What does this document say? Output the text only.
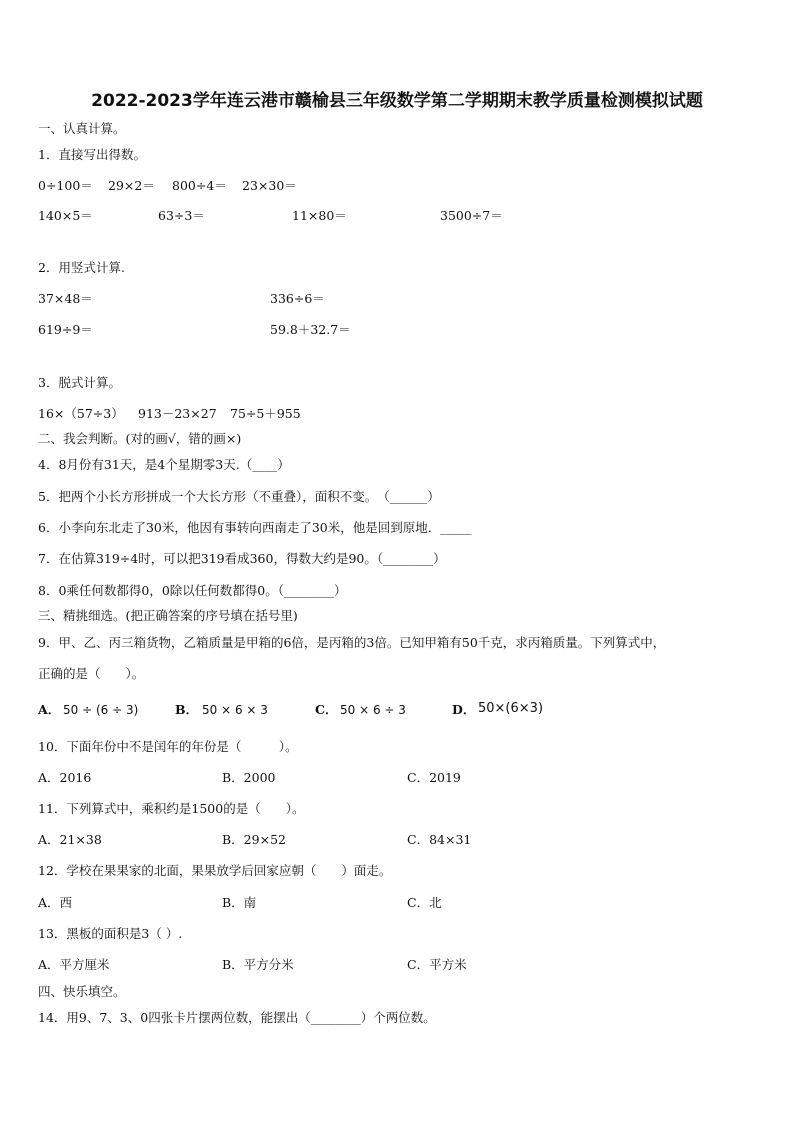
2022-2023学年连云港市赣榆县三年级数学第二学期期末教学质量检测模拟试题
一、认真计算。
1．直接写出得数。
0÷100＝ 29×2＝ 800÷4＝ 23×30＝
140×5＝	63÷3＝	11×80＝	3500÷7＝
2．用竖式计算.
37×48＝	336÷6＝
619÷9＝	59.8＋32.7＝
3．脱式计算。
16×（57÷3） 913－23×27 75÷5＋955
二、我会判断。(对的画√，错的画×)
4．8月份有31天，是4个星期零3天.（____）
5．把两个小长方形拼成一个大长方形（不重叠），面积不变。　（______）
6．小李向东北走了30米，他因有事转向西南走了30米，他是回到原地．_____
7．在估算319÷4时，可以把319看成360，得数大约是90。（________）
8．0乘任何数都得0，0除以任何数都得0。（________）
三、精挑细选。(把正确答案的序号填在括号里)
9．甲、乙、丙三箱货物，乙箱质量是甲箱的6倍，是丙箱的3倍。已知甲箱有50千克，求丙箱质量。下列算式中，
正确的是（　　）。
A． 50 ÷ (6 ÷ 3)	B． 50 × 6 × 3	C． 50 × 6 ÷ 3	D． 50×(6×3)
10．下面年份中不是闰年的年份是（　　　）。
A．2016	B．2000	C．2019
11．下列算式中，乘积约是1500的是（　　）。
A．21×38	B．29×52	C．84×31
12．学校在果果家的北面，果果放学后回家应朝（　　）面走。
A．西	B．南	C．北
13．黑板的面积是3（ ）.
A．平方厘米	B．平方分米	C．平方米
四、快乐填空。
14．用9、7、3、0四张卡片摆两位数，能摆出（________）个两位数。
